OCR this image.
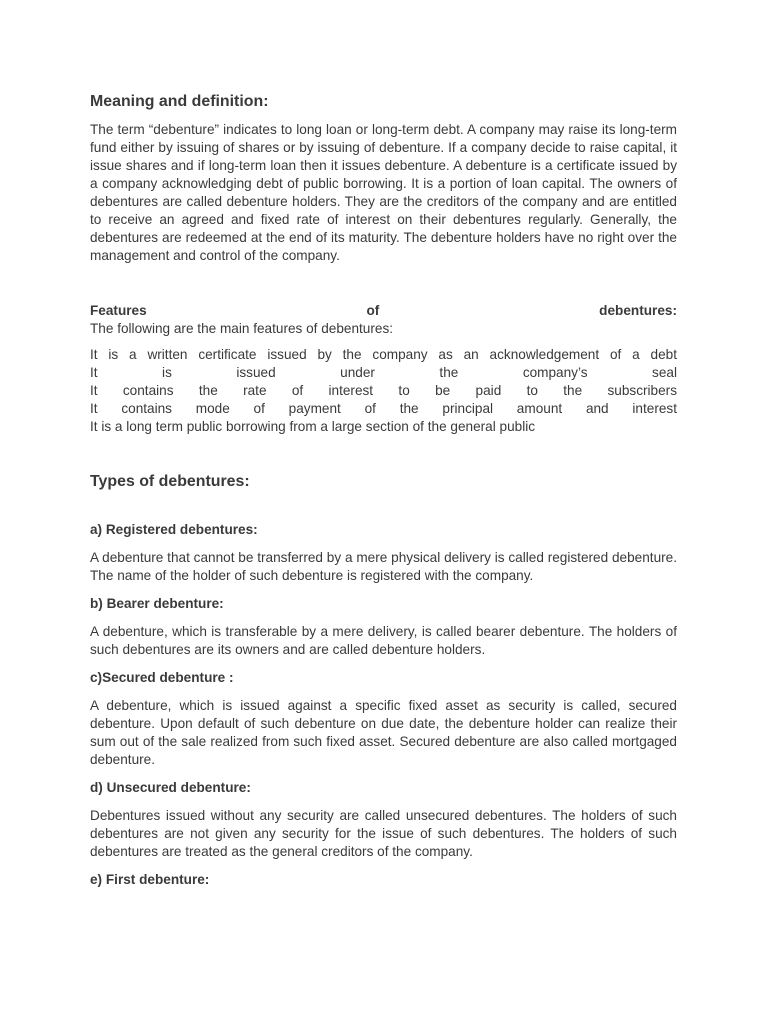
Meaning and definition:

The term “debenture” indicates to long loan or long-term debt. A company may raise its long-term fund either by issuing of shares or by issuing of debenture. If a company decide to raise capital, it issue shares and if long-term loan then it issues debenture. A debenture is a certificate issued by a company acknowledging debt of public borrowing. It is a portion of loan capital. The owners of debentures are called debenture holders. They are the creditors of the company and are entitled to receive an agreed and fixed rate of interest on their debentures regularly. Generally, the debentures are redeemed at the end of its maturity. The debenture holders have no right over the management and control of the company.

Features	of	debentures:
The following are the main features of debentures:
It is a written certificate issued by the company as an acknowledgement of a debt
It is issued under the company’s seal
It contains the rate of interest to be paid to the subscribers
It contains mode of payment of the principal amount and interest
It is a long term public borrowing from a large section of the general public
Types of debentures:
a) Registered debentures:

A debenture that cannot be transferred by a mere physical delivery is called registered debenture. The name of the holder of such debenture is registered with the company.

b) Bearer debenture:

A debenture, which is transferable by a mere delivery, is called bearer debenture. The holders of such debentures are its owners and are called debenture holders.

c)Secured debenture :

A debenture, which is issued against a specific fixed asset as security is called, secured debenture. Upon default of such debenture on due date, the debenture holder can realize their sum out of the sale realized from such fixed asset. Secured debenture are also called mortgaged debenture.

d) Unsecured debenture:

Debentures issued without any security are called unsecured debentures. The holders of such debentures are not given any security for the issue of such debentures. The holders of such debentures are treated as the general creditors of the company.

e) First debenture:
